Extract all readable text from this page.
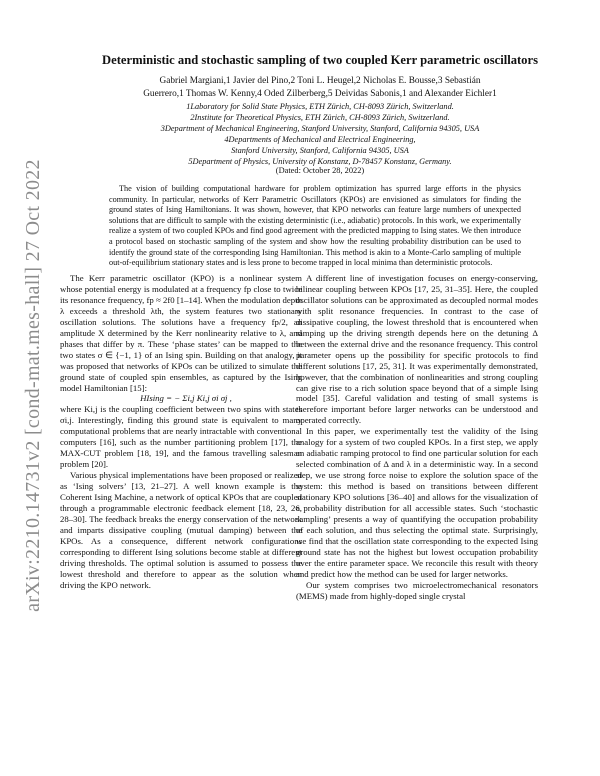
arXiv:2210.14731v2 [cond-mat.mes-hall] 27 Oct 2022
Deterministic and stochastic sampling of two coupled Kerr parametric oscillators
Gabriel Margiani,1 Javier del Pino,2 Toni L. Heugel,2 Nicholas E. Bousse,3 Sebastián
Guerrero,1 Thomas W. Kenny,4 Oded Zilberberg,5 Deividas Sabonis,1 and Alexander Eichler1
1Laboratory for Solid State Physics, ETH Zürich, CH-8093 Zürich, Switzerland.
2Institute for Theoretical Physics, ETH Zürich, CH-8093 Zürich, Switzerland.
3Department of Mechanical Engineering, Stanford University, Stanford, California 94305, USA
4Departments of Mechanical and Electrical Engineering,
Stanford University, Stanford, California 94305, USA
5Department of Physics, University of Konstanz, D-78457 Konstanz, Germany.
(Dated: October 28, 2022)
The vision of building computational hardware for problem optimization has spurred large efforts in the physics community. In particular, networks of Kerr Parametric Oscillators (KPOs) are envisioned as simulators for finding the ground states of Ising Hamiltonians. It was shown, however, that KPO networks can feature large numbers of unexpected solutions that are difficult to sample with the existing deterministic (i.e., adiabatic) protocols. In this work, we experimentally realize a system of two coupled KPOs and find good agreement with the predicted mapping to Ising states. We then introduce a protocol based on stochastic sampling of the system and show how the resulting probability distribution can be used to identify the ground state of the corresponding Ising Hamiltonian. This method is akin to a Monte-Carlo sampling of multiple out-of-equilibrium stationary states and is less prone to become trapped in local minima than deterministic protocols.

The Kerr parametric oscillator (KPO) is a nonlinear system whose potential energy is modulated at a frequency fp close to twice its resonance frequency, fp ≈ 2f0 [1–14]. When the modulation depth λ exceeds a threshold λth, the system features two stationary oscillation solutions. The solutions have a frequency fp/2, an amplitude X determined by the Kerr nonlinearity relative to λ, and phases that differ by π. These ‘phase states’ can be mapped to the two states σ ∈ {−1, 1} of an Ising spin. Building on that analogy, it was proposed that networks of KPOs can be utilized to simulate the ground state of coupled spin ensembles, as captured by the Ising model Hamiltonian [15]:

HIsing = − Σi,j Ki,j σi σj ,

where Ki,j is the coupling coefficient between two spins with states σi,j. Interestingly, finding this ground state is equivalent to many computational problems that are nearly intractable with conventional computers [16], such as the number partitioning problem [17], the MAX-CUT problem [18, 19], and the famous travelling salesman problem [20].

Various physical implementations have been proposed or realized as ‘Ising solvers’ [13, 21–27]. A well known example is the Coherent Ising Machine, a network of optical KPOs that are coupled through a programmable electronic feedback element [18, 23, 26, 28–30]. The feedback breaks the energy conservation of the network and imparts dissipative coupling (mutual damping) between the KPOs. As a consequence, different network configurations corresponding to different Ising solutions become stable at different driving thresholds. The optimal solution is assumed to possess the lowest threshold and therefore to appear as the solution when driving the KPO network.

A different line of investigation focuses on energy-conserving, bilinear coupling between KPOs [17, 25, 31–35]. Here, the coupled oscillator solutions can be approximated as decoupled normal modes with split resonance frequencies. In contrast to the case of dissipative coupling, the lowest threshold that is encountered when ramping up the driving strength depends here on the detuning Δ between the external drive and the resonance frequency. This control parameter opens up the possibility for specific protocols to find different solutions [17, 25, 31]. It was experimentally demonstrated, however, that the combination of nonlinearities and strong coupling can give rise to a rich solution space beyond that of a simple Ising model [35]. Careful validation and testing of small systems is therefore important before larger networks can be understood and operated correctly.

In this paper, we experimentally test the validity of the Ising analogy for a system of two coupled KPOs. In a first step, we apply an adiabatic ramping protocol to find one particular solution for each selected combination of Δ and λ in a deterministic way. In a second step, we use strong force noise to explore the solution space of the system: this method is based on transitions between different stationary KPO solutions [36–40] and allows for the visualization of a probability distribution for all accessible states. Such ‘stochastic sampling’ presents a way of quantifying the occupation probability of each solution, and thus selecting the optimal state. Surprisingly, we find that the oscillation state corresponding to the expected Ising ground state has not the highest but lowest occupation probability over the entire parameter space. We reconcile this result with theory and predict how the method can be used for larger networks.

Our system comprises two microelectromechanical resonators (MEMS) made from highly-doped single crystal
